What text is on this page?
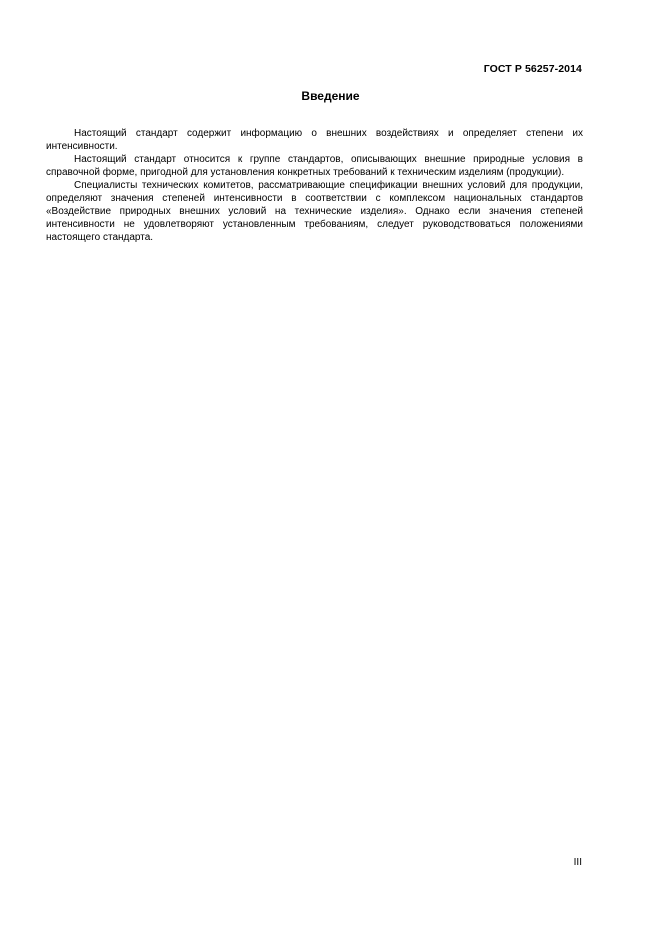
ГОСТ Р 56257-2014
Введение

Настоящий стандарт содержит информацию о внешних воздействиях и определяет степени их интенсивности.

Настоящий стандарт относится к группе стандартов, описывающих внешние природные условия в справочной форме, пригодной для установления конкретных требований к техническим изделиям (продукции).

Специалисты технических комитетов, рассматривающие спецификации внешних условий для продукции, определяют значения степеней интенсивности в соответствии с комплексом национальных стандартов «Воздействие природных внешних условий на технические изделия». Однако если значения степеней интенсивности не удовлетворяют установленным требованиям, следует руководствоваться положениями настоящего стандарта.

III
